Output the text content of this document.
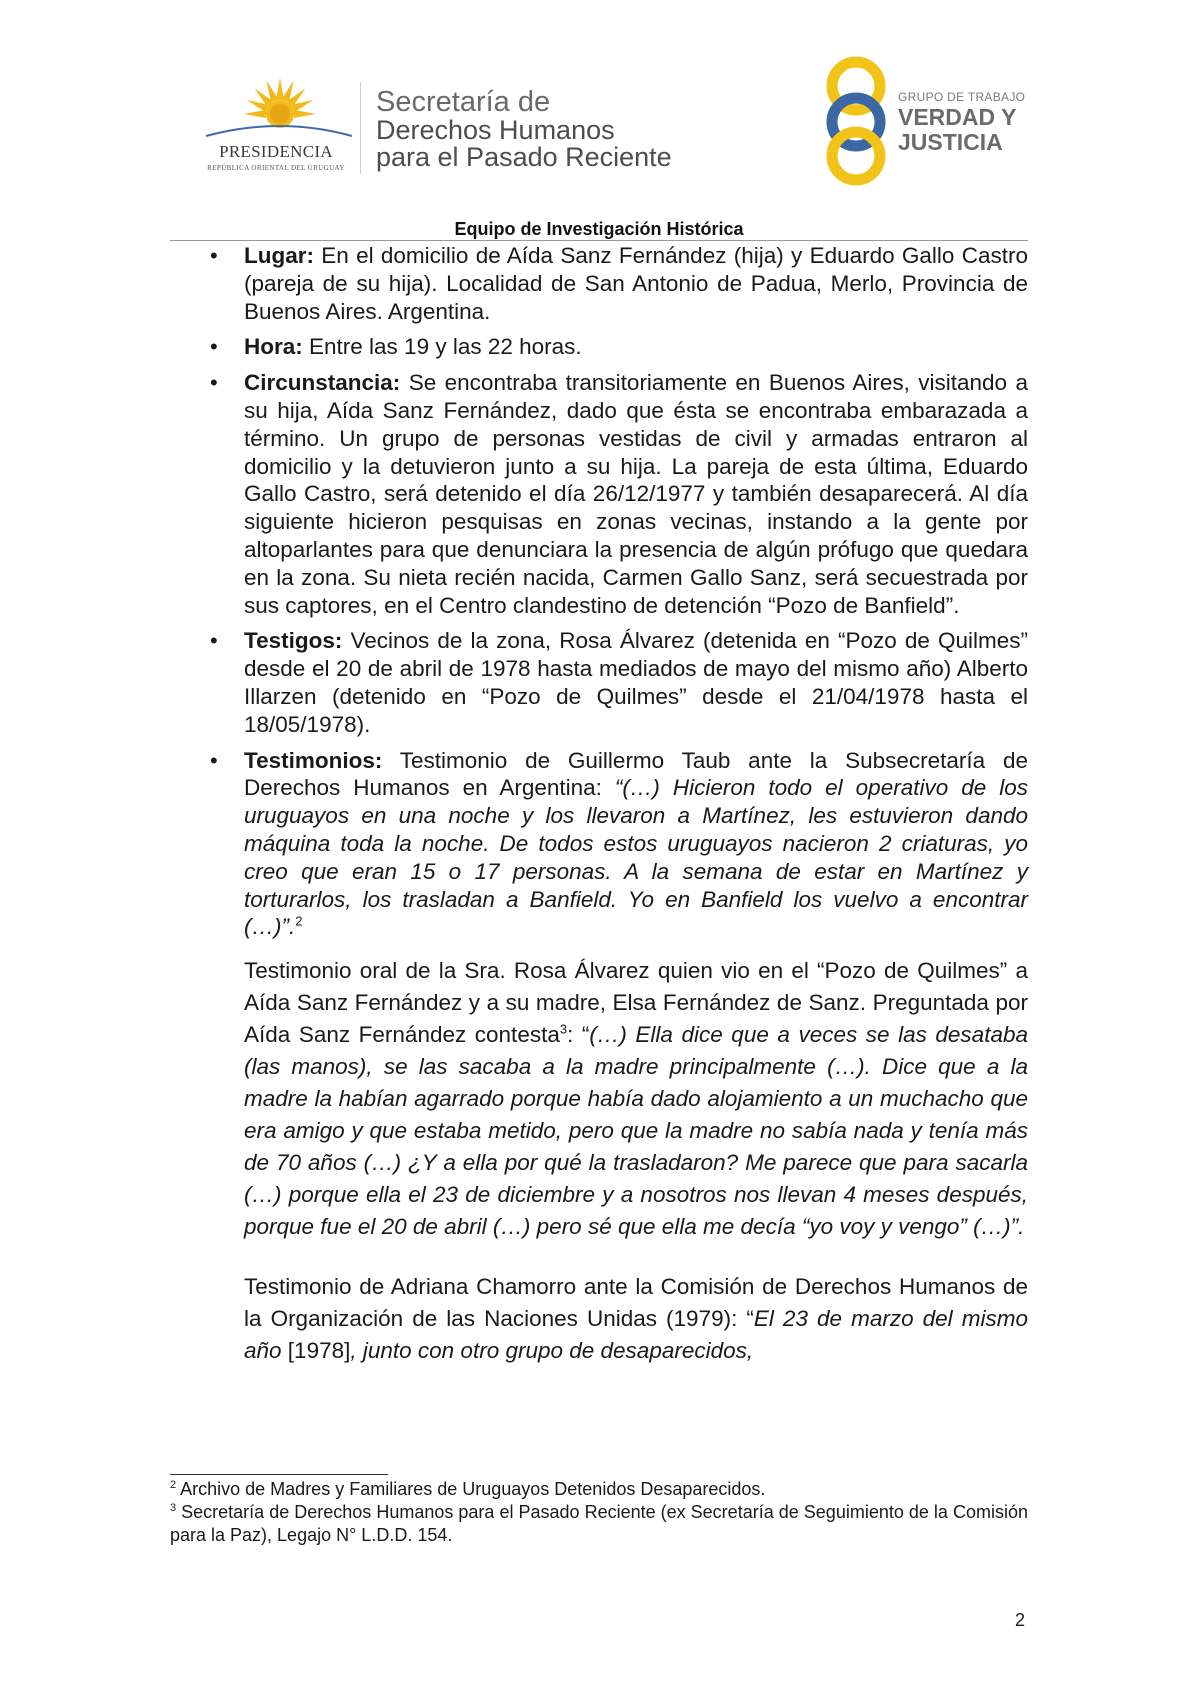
PRESIDENCIA
REPÚBLICA ORIENTAL DEL URUGUAY
Secretaría de
Derechos Humanos
para el Pasado Reciente
GRUPO DE TRABAJO
VERDAD Y
JUSTICIA
Equipo de Investigación Histórica
• Lugar: En el domicilio de Aída Sanz Fernández (hija) y Eduardo Gallo Castro (pareja de su hija). Localidad de San Antonio de Padua, Merlo, Provincia de Buenos Aires. Argentina.

• Hora: Entre las 19 y las 22 horas.

• Circunstancia: Se encontraba transitoriamente en Buenos Aires, visitando a su hija, Aída Sanz Fernández, dado que ésta se encontraba embarazada a término. Un grupo de personas vestidas de civil y armadas entraron al domicilio y la detuvieron junto a su hija. La pareja de esta última, Eduardo Gallo Castro, será detenido el día 26/12/1977 y también desaparecerá. Al día siguiente hicieron pesquisas en zonas vecinas, instando a la gente por altoparlantes para que denunciara la presencia de algún prófugo que quedara en la zona. Su nieta recién nacida, Carmen Gallo Sanz, será secuestrada por sus captores, en el Centro clandestino de detención “Pozo de Banfield”.

• Testigos: Vecinos de la zona, Rosa Álvarez (detenida en “Pozo de Quilmes” desde el 20 de abril de 1978 hasta mediados de mayo del mismo año) Alberto Illarzen (detenido en “Pozo de Quilmes” desde el 21/04/1978 hasta el 18/05/1978).

• Testimonios: Testimonio de Guillermo Taub ante la Subsecretaría de Derechos Humanos en Argentina: “(…) Hicieron todo el operativo de los uruguayos en una noche y los llevaron a Martínez, les estuvieron dando máquina toda la noche. De todos estos uruguayos nacieron 2 criaturas, yo creo que eran 15 o 17 personas. A la semana de estar en Martínez y torturarlos, los trasladan a Banfield. Yo en Banfield los vuelvo a encontrar (…)”.$^2$

Testimonio oral de la Sra. Rosa Álvarez quien vio en el “Pozo de Quilmes” a Aída Sanz Fernández y a su madre, Elsa Fernández de Sanz. Preguntada por Aída Sanz Fernández contesta$^3$: “(…) Ella dice que a veces se las desataba (las manos), se las sacaba a la madre principalmente (…). Dice que a la madre la habían agarrado porque había dado alojamiento a un muchacho que era amigo y que estaba metido, pero que la madre no sabía nada y tenía más de 70 años (…) ¿Y a ella por qué la trasladaron? Me parece que para sacarla (…) porque ella el 23 de diciembre y a nosotros nos llevan 4 meses después, porque fue el 20 de abril (…) pero sé que ella me decía “yo voy y vengo” (…)”.

Testimonio de Adriana Chamorro ante la Comisión de Derechos Humanos de la Organización de las Naciones Unidas (1979): “El 23 de marzo del mismo año [1978], junto con otro grupo de desaparecidos,

$^2$ Archivo de Madres y Familiares de Uruguayos Detenidos Desaparecidos.

$^3$ Secretaría de Derechos Humanos para el Pasado Reciente (ex Secretaría de Seguimiento de la Comisión para la Paz), Legajo N° L.D.D. 154.

2
